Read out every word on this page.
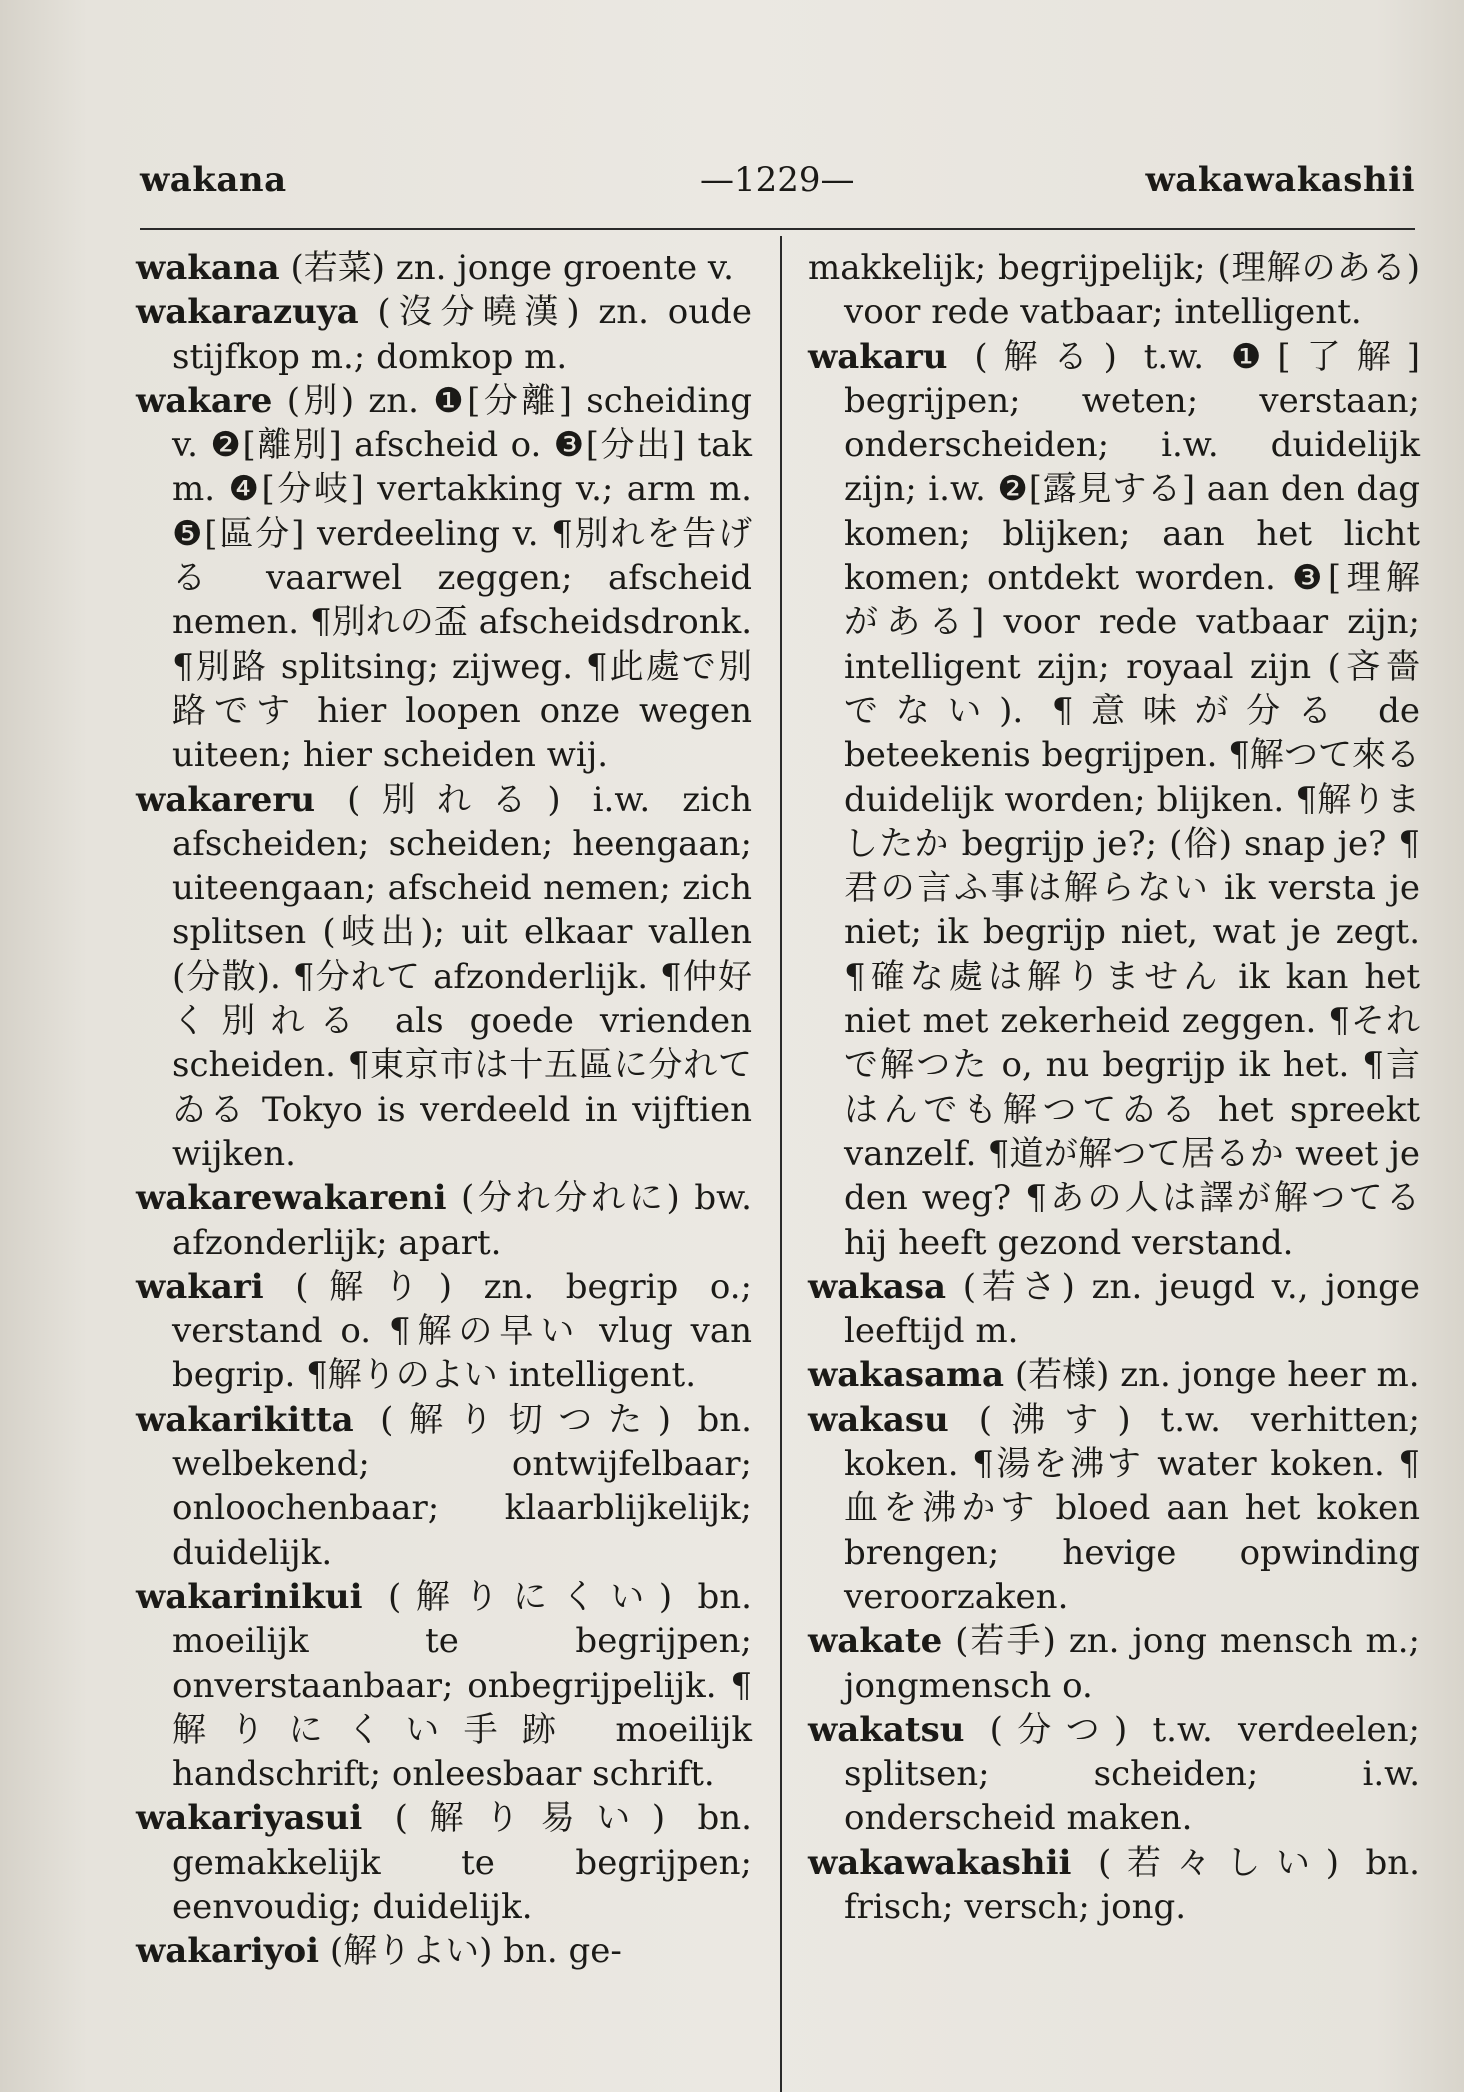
wakana	—1229—	wakawakashii

wakana (若菜) zn. jonge groente v.

wakarazuya (沒分曉漢) zn. oude stijfkop m.; domkop m.

wakare (別) zn. ❶[分離] scheiding v. ❷[離別] afscheid o. ❸[分出] tak m. ❹[分岐] vertakking v.; arm m. ❺[區分] verdeeling v. ¶別れを告げる vaarwel zeggen; afscheid nemen. ¶別れの盃 afscheidsdronk. ¶別路 splitsing; zijweg. ¶此處で別路です hier loopen onze wegen uiteen; hier scheiden wij.

wakareru (別れる) i.w. zich afscheiden; scheiden; heengaan; uiteengaan; afscheid nemen; zich splitsen (岐出); uit elkaar vallen (分散). ¶分れて afzonderlijk. ¶仲好く別れる als goede vrienden scheiden. ¶東京市は十五區に分れてゐる Tokyo is verdeeld in vijftien wijken.

wakarewakareni (分れ分れに) bw. afzonderlijk; apart.

wakari (解り) zn. begrip o.; verstand o. ¶解の早い vlug van begrip. ¶解りのよい intelligent.

wakarikitta (解り切つた) bn. welbekend; ontwijfelbaar; onloochenbaar; klaarblijkelijk; duidelijk.

wakarinikui (解りにくい) bn. moeilijk te begrijpen; onverstaanbaar; onbegrijpelijk. ¶解りにくい手跡 moeilijk handschrift; onleesbaar schrift.

wakariyasui (解り易い) bn. gemakkelijk te begrijpen; eenvoudig; duidelijk.

wakariyoi (解りよい) bn. ge-

makkelijk; begrijpelijk; (理解のある) voor rede vatbaar; intelligent.

wakaru (解る) t.w. ❶[了解] begrijpen; weten; verstaan; onderscheiden; i.w. duidelijk zijn; i.w. ❷[露見する] aan den dag komen; blijken; aan het licht komen; ontdekt worden. ❸[理解がある] voor rede vatbaar zijn; intelligent zijn; royaal zijn (吝嗇でない). ¶意味が分る de beteekenis begrijpen. ¶解つて來る duidelijk worden; blijken. ¶解りましたか begrijp je?; (俗) snap je? ¶君の言ふ事は解らない ik versta je niet; ik begrijp niet, wat je zegt. ¶確な處は解りません ik kan het niet met zekerheid zeggen. ¶それで解つた o, nu begrijp ik het. ¶言はんでも解つてゐる het spreekt vanzelf. ¶道が解つて居るか weet je den weg? ¶あの人は譯が解つてる hij heeft gezond verstand.

wakasa (若さ) zn. jeugd v., jonge leeftijd m.

wakasama (若様) zn. jonge heer m.

wakasu (沸す) t.w. verhitten; koken. ¶湯を沸す water koken. ¶血を沸かす bloed aan het koken brengen; hevige opwinding veroorzaken.

wakate (若手) zn. jong mensch m.; jongmensch o.

wakatsu (分つ) t.w. verdeelen; splitsen; scheiden; i.w. onderscheid maken.

wakawakashii (若々しい) bn. frisch; versch; jong.
